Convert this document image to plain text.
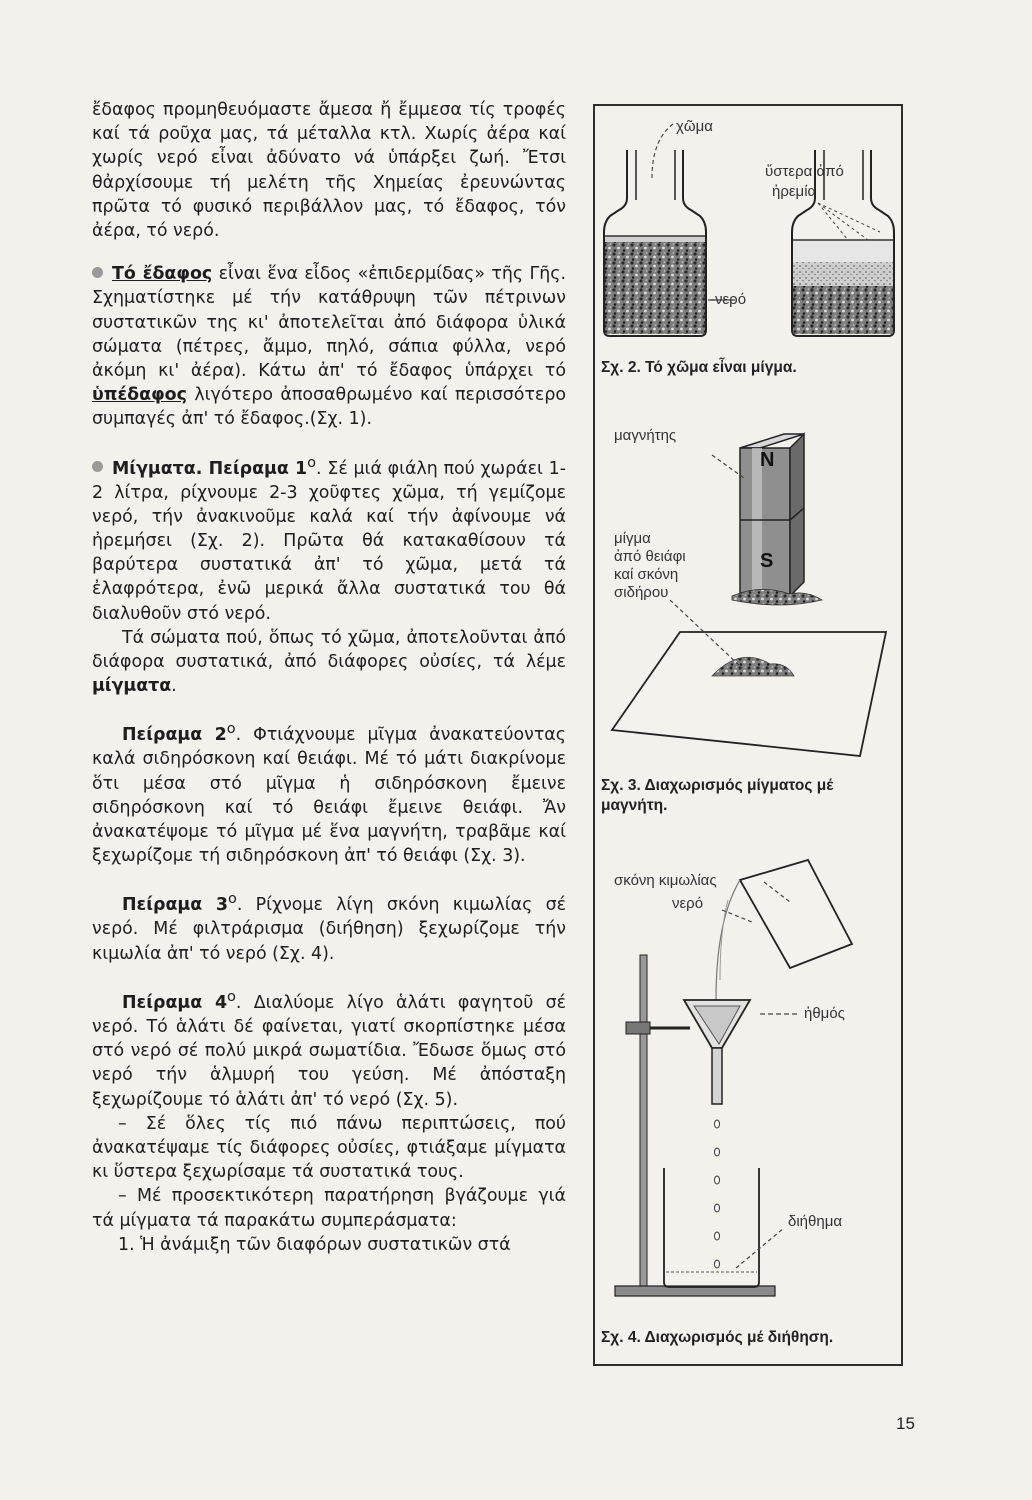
ἔδαφος προμηθευόμαστε ἄμεσα ἤ ἔμμεσα τίς τροφές καί τά ροῦχα μας, τά μέταλλα κτλ. Χωρίς ἀέρα καί χωρίς νερό εἶναι ἀδύνατο νά ὑπάρξει ζωή. Ἔτσι θἀρχίσουμε τή μελέτη τῆς Χημείας ἐρευνώντας πρῶτα τό φυσικό περιβάλλον μας, τό ἔδαφος, τόν ἀέρα, τό νερό.

Τό ἔδαφος εἶναι ἕνα εἶδος «ἐπιδερμίδας» τῆς Γῆς. Σχηματίστηκε μέ τήν κατάθρυψη τῶν πέτρινων συστατικῶν της κι' ἀποτελεῖται ἀπό διάφορα ὑλικά σώματα (πέτρες, ἄμμο, πηλό, σάπια φύλλα, νερό ἀκόμη κι' ἀέρα). Κάτω ἀπ' τό ἔδαφος ὑπάρχει τό ὑπέδαφος λιγότερο ἀποσαθρωμένο καί περισσότερο συμπαγές ἀπ' τό ἔδαφος.(Σχ. 1).

Μίγματα. Πείραμα $1^o$. Σέ μιά φιάλη πού χωράει 1-2 λίτρα, ρίχνουμε 2-3 χοῦφτες χῶμα, τή γεμίζομε νερό, τήν ἀνακινοῦμε καλά καί τήν ἀφίνουμε νά ἠρεμήσει (Σχ. 2). Πρῶτα θά κατακαθίσουν τά βαρύτερα συστατικά ἀπ' τό χῶμα, μετά τά ἐλαφρότερα, ἐνῶ μερικά ἄλλα συστατικά του θά διαλυθοῦν στό νερό.

Τά σώματα πού, ὅπως τό χῶμα, ἀποτελοῦνται ἀπό διάφορα συστατικά, ἀπό διάφορες οὐσίες, τά λέμε μίγματα.

Πείραμα $2^o$. Φτιάχνουμε μῖγμα ἀνακατεύοντας καλά σιδηρόσκονη καί θειάφι. Μέ τό μάτι διακρίνομε ὅτι μέσα στό μῖγμα ἡ σιδηρόσκονη ἔμεινε σιδηρόσκονη καί τό θειάφι ἔμεινε θειάφι. Ἄν ἀνακατέψομε τό μῖγμα μέ ἕνα μαγνήτη, τραβᾶμε καί ξεχωρίζομε τή σιδηρόσκονη ἀπ' τό θειάφι (Σχ. 3).

Πείραμα $3^o$. Ρίχνομε λίγη σκόνη κιμωλίας σέ νερό. Μέ φιλτράρισμα (διήθηση) ξεχωρίζομε τήν κιμωλία ἀπ' τό νερό (Σχ. 4).

Πείραμα $4^o$. Διαλύομε λίγο ἁλάτι φαγητοῦ σέ νερό. Τό ἁλάτι δέ φαίνεται, γιατί σκορπίστηκε μέσα στό νερό σέ πολύ μικρά σωματίδια. Ἔδωσε ὅμως στό νερό τήν ἁλμυρή του γεύση. Μέ ἀπόσταξη ξεχωρίζουμε τό ἁλάτι ἀπ' τό νερό (Σχ. 5).

– Σέ ὅλες τίς πιό πάνω περιπτώσεις, πού ἀνακατέψαμε τίς διάφορες οὐσίες, φτιάξαμε μίγματα κι ὕστερα ξεχωρίσαμε τά συστατικά τους.

– Μέ προσεκτικότερη παρατήρηση βγάζουμε γιά τά μίγματα τά παρακάτω συμπεράσματα:

1. Ἡ ἀνάμιξη τῶν διαφόρων συστατικῶν στά

χῶμα
ὕστερα ἀπό
ἠρεμία
-νερό
Σχ. 2. Τό χῶμα εἶναι μίγμα.
μαγνήτης
N
S
μίγμα
ἀπό θειάφι
καί σκόνη
σιδήρου
Σχ. 3. Διαχωρισμός μίγματος μέ μαγνήτη.
σκόνη κιμωλίας
νερό
ἠθμός
διήθημα
Σχ. 4. Διαχωρισμός μέ διήθηση.
15
